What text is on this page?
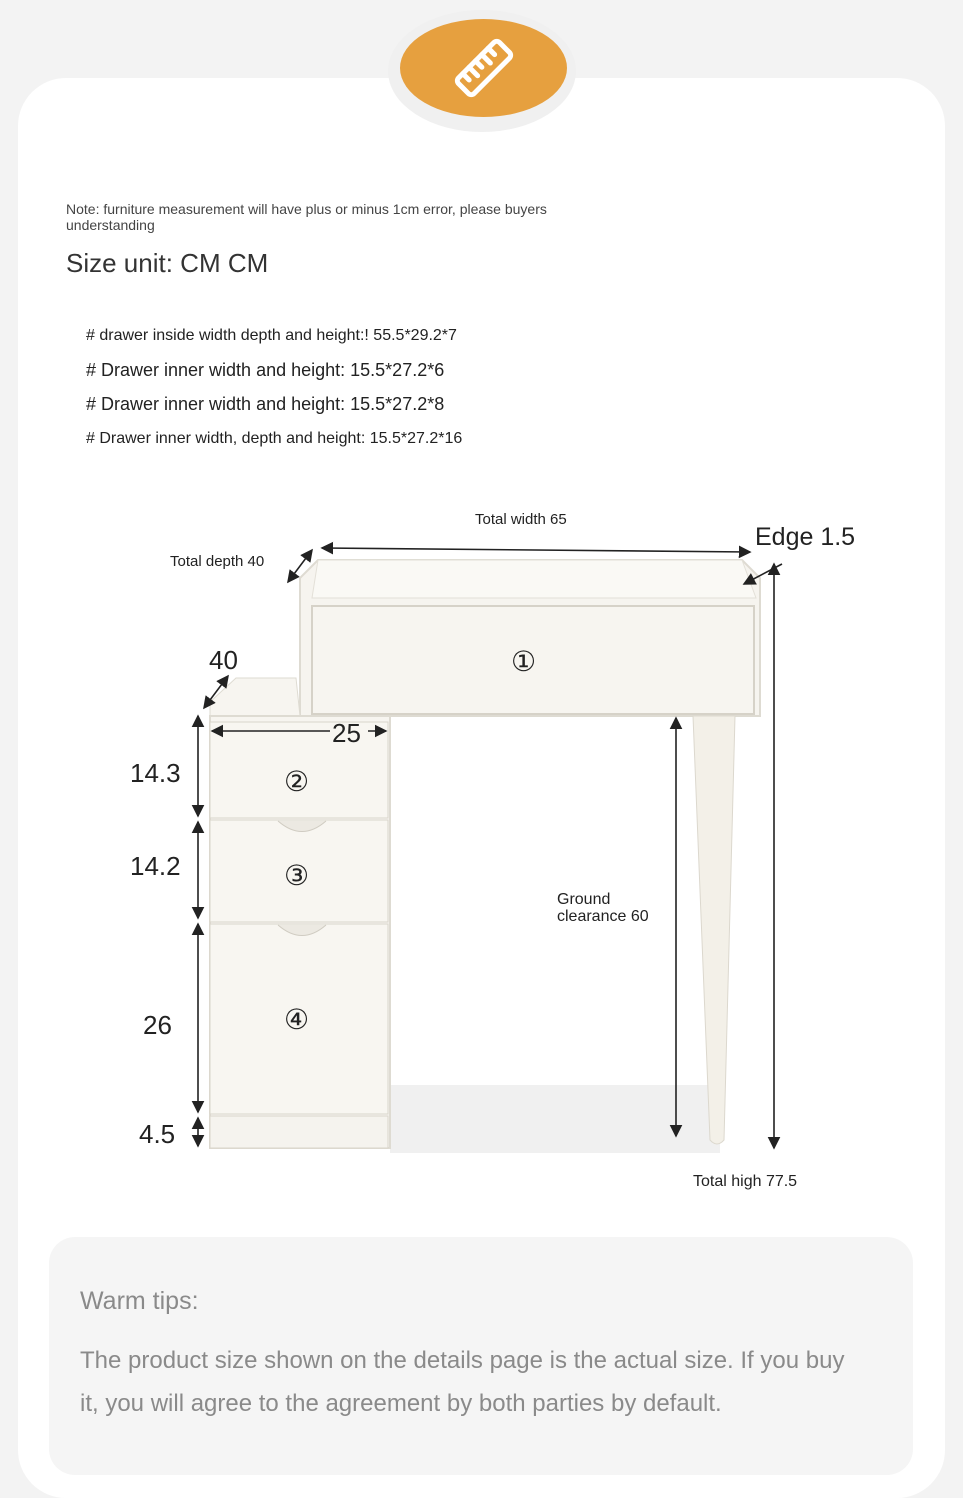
Note: furniture measurement will have plus or minus 1cm error, please buyers understanding
Size unit: CM CM
# drawer inside width depth and height:! 55.5*29.2*7
# Drawer inner width and height: 15.5*27.2*6
# Drawer inner width and height: 15.5*27.2*8
# Drawer inner width, depth and height: 15.5*27.2*16
Total width 65
Edge 1.5
Total depth 40
40
25
14.3
14.2
26
4.5
Ground
clearance 60
Total high 77.5
①
②
③
④
Warm tips:
The product size shown on the details page is the actual size. If you buy it, you will agree to the agreement by both parties by default.
